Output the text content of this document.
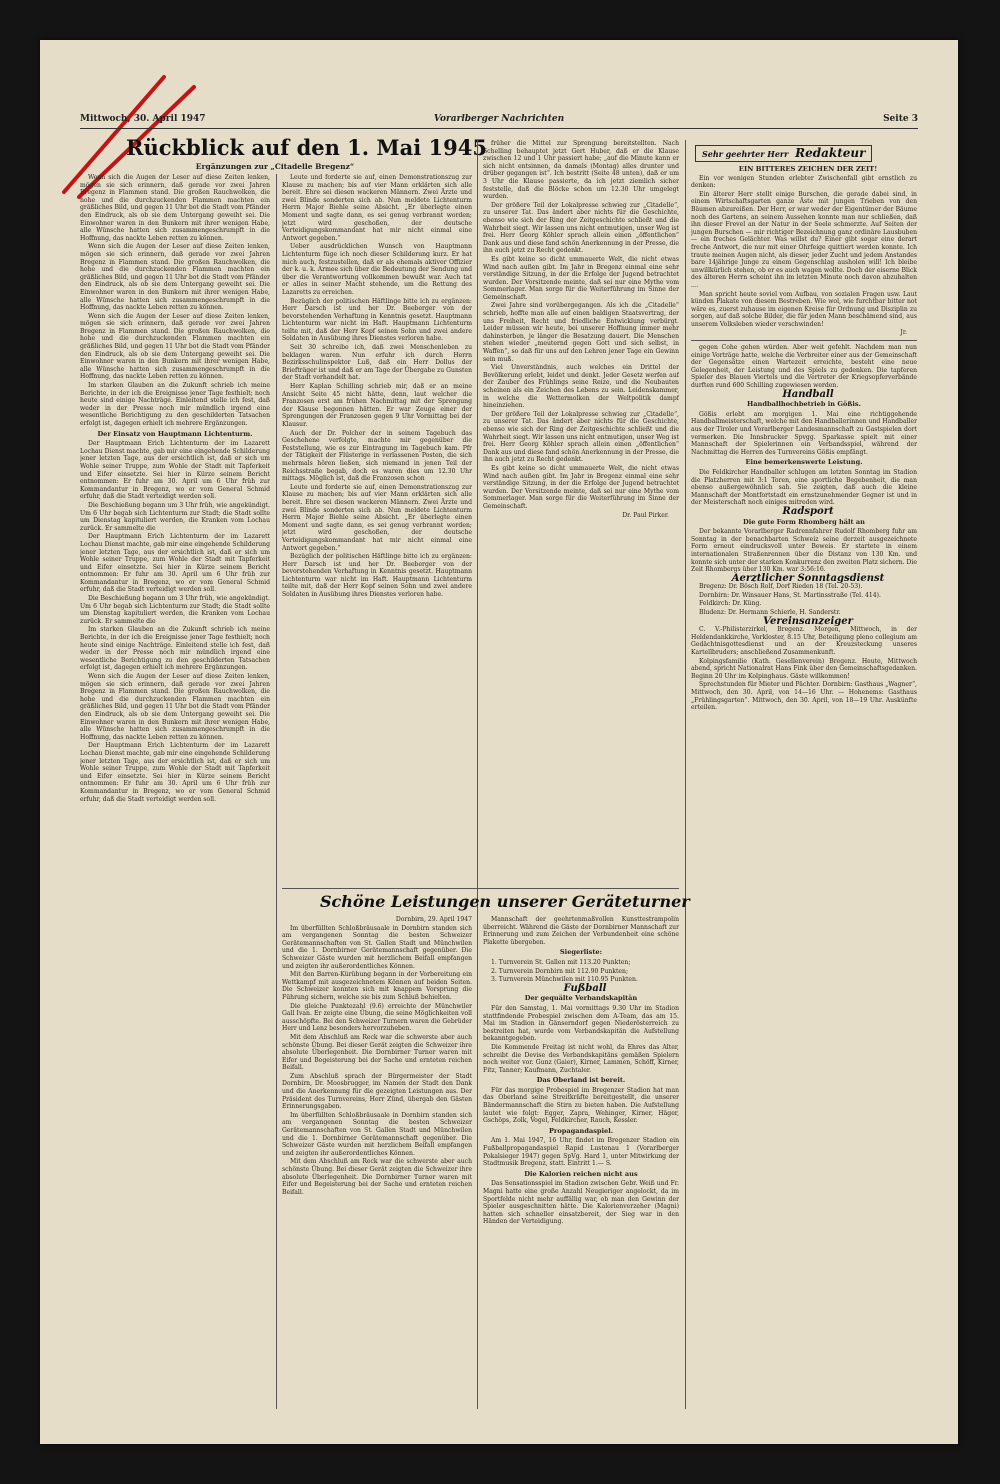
Mittwoch, 30. April 1947	Vorarlberger Nachrichten	Seite 3
Rückblick auf den 1. Mai 1945
Ergänzungen zur „Citadelle Bregenz“

Wenn sich die Augen der Leser auf diese Zeiten lenken, mögen sie sich erinnern, daß gerade vor zwei Jahren Bregenz in Flammen stand. Die großen Rauchwolken, die hohe und die durchzuckenden Flammen machten ein gräßliches Bild, und gegen 11 Uhr bot die Stadt vom Pfänder den Eindruck, als ob sie dem Untergang geweiht sei. Die Einwohner waren in den Bunkern mit ihrer wenigen Habe, alle Wünsche hatten sich zusammengeschrumpft in die Hoffnung, das nackte Leben retten zu können.

Wenn sich die Augen der Leser auf diese Zeiten lenken, mögen sie sich erinnern, daß gerade vor zwei Jahren Bregenz in Flammen stand. Die großen Rauchwolken, die hohe und die durchzuckenden Flammen machten ein gräßliches Bild, und gegen 11 Uhr bot die Stadt vom Pfänder den Eindruck, als ob sie dem Untergang geweiht sei. Die Einwohner waren in den Bunkern mit ihrer wenigen Habe, alle Wünsche hatten sich zusammengeschrumpft in die Hoffnung, das nackte Leben retten zu können.

Wenn sich die Augen der Leser auf diese Zeiten lenken, mögen sie sich erinnern, daß gerade vor zwei Jahren Bregenz in Flammen stand. Die großen Rauchwolken, die hohe und die durchzuckenden Flammen machten ein gräßliches Bild, und gegen 11 Uhr bot die Stadt vom Pfänder den Eindruck, als ob sie dem Untergang geweiht sei. Die Einwohner waren in den Bunkern mit ihrer wenigen Habe, alle Wünsche hatten sich zusammengeschrumpft in die Hoffnung, das nackte Leben retten zu können.

Im starken Glauben an die Zukunft schrieb ich meine Berichte, in der ich die Ereignisse jener Tage festhielt; noch heute sind einige Nachträge. Einleitend stelle ich fest, daß weder in der Presse noch mir mündlich irgend eine wesentliche Berichtigung zu den geschilderten Tatsachen erfolgt ist, dagegen erhielt ich mehrere Ergänzungen.

Der Einsatz von Hauptmann Lichtenturm.

Der Hauptmann Erich Lichtenturm der im Lazarett Lochau Dienst machte, gab mir eine eingehende Schilderung jener letzten Tage, aus der ersichtlich ist, daß er sich um Wohle seiner Truppe, zum Wohle der Stadt mit Tapferkeit und Eifer einsetzte. Sei hier in Kürze seinem Bericht entnommen: Er fuhr am 30. April um 6 Uhr früh zur Kommandantur in Bregenz, wo er vom General Schmid erfuhr, daß die Stadt verteidigt werden soll.

Die Beschießung begann um 3 Uhr früh, wie angekündigt. Um 6 Uhr begab sich Lichtenturm zur Stadt; die Stadt sollte um Dienstag kapituliert werden, die Kranken vom Lochau zurück. Er sammelte die

Der Hauptmann Erich Lichtenturm der im Lazarett Lochau Dienst machte, gab mir eine eingehende Schilderung jener letzten Tage, aus der ersichtlich ist, daß er sich um Wohle seiner Truppe, zum Wohle der Stadt mit Tapferkeit und Eifer einsetzte. Sei hier in Kürze seinem Bericht entnommen: Er fuhr am 30. April um 6 Uhr früh zur Kommandantur in Bregenz, wo er vom General Schmid erfuhr, daß die Stadt verteidigt werden soll.

Die Beschießung begann um 3 Uhr früh, wie angekündigt. Um 6 Uhr begab sich Lichtenturm zur Stadt; die Stadt sollte um Dienstag kapituliert werden, die Kranken vom Lochau zurück. Er sammelte die

Im starken Glauben an die Zukunft schrieb ich meine Berichte, in der ich die Ereignisse jener Tage festhielt; noch heute sind einige Nachträge. Einleitend stelle ich fest, daß weder in der Presse noch mir mündlich irgend eine wesentliche Berichtigung zu den geschilderten Tatsachen erfolgt ist, dagegen erhielt ich mehrere Ergänzungen.

Wenn sich die Augen der Leser auf diese Zeiten lenken, mögen sie sich erinnern, daß gerade vor zwei Jahren Bregenz in Flammen stand. Die großen Rauchwolken, die hohe und die durchzuckenden Flammen machten ein gräßliches Bild, und gegen 11 Uhr bot die Stadt vom Pfänder den Eindruck, als ob sie dem Untergang geweiht sei. Die Einwohner waren in den Bunkern mit ihrer wenigen Habe, alle Wünsche hatten sich zusammengeschrumpft in die Hoffnung, das nackte Leben retten zu können.

Der Hauptmann Erich Lichtenturm der im Lazarett Lochau Dienst machte, gab mir eine eingehende Schilderung jener letzten Tage, aus der ersichtlich ist, daß er sich um Wohle seiner Truppe, zum Wohle der Stadt mit Tapferkeit und Eifer einsetzte. Sei hier in Kürze seinem Bericht entnommen: Er fuhr am 30. April um 6 Uhr früh zur Kommandantur in Bregenz, wo er vom General Schmid erfuhr, daß die Stadt verteidigt werden soll.

Leute und forderte sie auf, einen Demonstrationszug zur Klause zu machen; bis auf vier Mann erklärten sich alle bereit. Ehre sei diesen wackeren Männern. Zwei Ärzte und zwei Blinde sonderten sich ab. Nun meldete Lichtenturm Herrn Major Biehle seine Absicht. „Er überlegte einen Moment und sagte dann, es sei genug verbrannt worden; jetzt wird geschoßen, der deutsche Verteidigungskommandant hat mir nicht einmal eine Antwort gegeben.“

Ueber ausdrücklichen Wunsch von Hauptmann Lichtenturm füge ich noch dieser Schilderung kurz. Er hat mich auch, festzustellen, daß er als ehemals aktiver Offizier der k. u. k. Armee sich über die Bedeutung der Sendung und über die Verantwortung vollkommen bewußt war. Auch tat er alles in seiner Macht stehende, um die Rettung des Lazaretts zu erreichen.

Bezüglich der politischen Häftlinge bitte ich zu ergänzen: Herr Darsch ist und her Dr. Beeberger von der bevorstehenden Verhaftung in Kenntnis gesetzt. Hauptmann Lichtenturm war nicht im Haft. Hauptmann Lichtenturm teilte mit, daß der Herr Kopf seinen Sohn und zwei andere Soldaten in Ausübung ihres Dienstes verloren habe.

Seit 30 schreibe ich, daß zwei Menschenleben zu beklagen waren. Nun erfuhr ich durch Herrn Bezirksschulinspektor Luß, daß ein Herr Dollus der Briefträger ist und daß er am Tage der Übergabe zu Gunsten der Stadt verhandelt hat.

Herr Kaplan Schilling schrieb mir, daß er an meine Ansicht Seite 45 nicht hätte, denn, laut welcher die Franzosen erst am frühen Nachmittag mit der Sprengung der Klause begonnen hätten. Er war Zeuge einer der Sprengungen der Franzosen gegen 9 Uhr Vormittag bei der Klausur.

Auch der Dr. Polcher der in seinem Tagebuch das Geschehene verfolgte, machte mir gegenüber die Feststellung, wie es zur Eintragung im Tagebuch kam. Pfr der Tätigkeit der Flüsterige in verlassenen Posten, die sich mehrmals hören ließen, sich niemand in jenen Teil der Reichsstraße begab, doch es waren dies um 12.30 Uhr mittags. Möglich ist, daß die Franzosen schon

Leute und forderte sie auf, einen Demonstrationszug zur Klause zu machen; bis auf vier Mann erklärten sich alle bereit. Ehre sei diesen wackeren Männern. Zwei Ärzte und zwei Blinde sonderten sich ab. Nun meldete Lichtenturm Herrn Major Biehle seine Absicht. „Er überlegte einen Moment und sagte dann, es sei genug verbrannt worden; jetzt wird geschoßen, der deutsche Verteidigungskommandant hat mir nicht einmal eine Antwort gegeben.“

Bezüglich der politischen Häftlinge bitte ich zu ergänzen: Herr Darsch ist und her Dr. Beeberger von der bevorstehenden Verhaftung in Kenntnis gesetzt. Hauptmann Lichtenturm war nicht im Haft. Hauptmann Lichtenturm teilte mit, daß der Herr Kopf seinen Sohn und zwei andere Soldaten in Ausübung ihres Dienstes verloren habe.

früher die Mittel zur Sprengung bereitstellten. Nach Schelling behauptet jetzt Gert Huber, daß er die Klause zwischen 12 und 1 Uhr passiert habe; „auf die Minute kann er sich nicht entsinnen, da damals (Montag) alles drunter und drüber gegangen ist“. Ich bestritt (Seite 48 unten), daß er um 3 Uhr die Klause passierte, da ich jetzt ziemlich sicher feststelle, daß die Blöcke schon um 12.30 Uhr umgelegt wurden.

Der größere Teil der Lokalpresse schwieg zur „Citadelle“, zu unserer Tat. Das ändert aber nichts für die Geschichte, ebenso wie sich der Ring der Zeitgeschichte schließt und die Wahrheit siegt. Wir lassen uns nicht entmutigen, unser Weg ist frei. Herr Georg Köhler sprach allein einen „öffentlichen“ Dank aus und diese fand schön Anerkennung in der Presse, die ihn auch jetzt zu Recht gedenkt.

Es gibt keine so dicht ummauerte Welt, die nicht etwas Wind nach außen gibt. Im Jahr in Bregenz einmal eine sehr verständige Sitzung, in der die Erfolge der Jugend betrachtet wurden. Der Vorsitzende meinte, daß sei nur eine Mythe vom Sommerlager. Man sorge für die Weiterführung im Sinne der Gemeinschaft.

Zwei Jahre sind vorübergegangen. Als ich die „Citadelle“ schrieb, hoffte man alle auf einen baldigen Staatsvertrag, der uns Freiheit, Recht und friedliche Entwicklung verbürgt. Leider müssen wir heute, bei unserer Hoffnung immer mehr dahinsterben, je länger die Besatzung dauert. Die Menschen stehen wieder „meuternd gegen Gott und sich selbst, in Waffen“, so daß für uns auf den Lehren jener Tage ein Gewinn sein muß.

Viel Unverständnis, auch welches ein Drittel der Bevölkerung erlebt, leidet und denkt. Jeder Gesetz werfen auf der Zauber des Frühlings seine Reize, und die Neubauten scheinen als ein Zeichen des Lebens zu sein. Leidenskammer, in welche die Wettermolken der Weltpolitik dampf hineinziehen.

Der größere Teil der Lokalpresse schwieg zur „Citadelle“, zu unserer Tat. Das ändert aber nichts für die Geschichte, ebenso wie sich der Ring der Zeitgeschichte schließt und die Wahrheit siegt. Wir lassen uns nicht entmutigen, unser Weg ist frei. Herr Georg Köhler sprach allein einen „öffentlichen“ Dank aus und diese fand schön Anerkennung in der Presse, die ihn auch jetzt zu Recht gedenkt.

Es gibt keine so dicht ummauerte Welt, die nicht etwas Wind nach außen gibt. Im Jahr in Bregenz einmal eine sehr verständige Sitzung, in der die Erfolge der Jugend betrachtet wurden. Der Vorsitzende meinte, daß sei nur eine Mythe vom Sommerlager. Man sorge für die Weiterführung im Sinne der Gemeinschaft.

Dr. Paul Pirker.

Schöne Leistungen unserer Geräteturner

Dornbirn, 29. April 1947

Im überfüllten Schloßbräusaale in Dornbirn standen sich am vergangenen Sonntag die besten Schweizer Gerätemannschaften von St. Gallen Stadt und Münchwilen und die 1. Dornbirner Gerätemannschaft gegenüber. Die Schweizer Gäste wurden mit herzlichem Beifall empfangen und zeigten ihr außerordentliches Können.

Mit den Barren-Kürübung begann in der Vorbereitung ein Wettkampf mit ausgezeichnetem Können auf beiden Seiten. Die Schweizer konnten sich mit knappem Vorsprung die Führung sichern, welche sie bis zum Schluß behielten.

Die gleiche Punktezahl (9.6) erreichte der Münchwiler Gall Ivan. Er zeigte eine Übung, die seine Möglichkeiten voll ausschöpfte. Bei den Schweizer Turnern waren die Gebrüder Herr und Lenz besonders hervorzuheben.

Mit dem Abschluß am Reck war die schwerste aber auch schönste Übung. Bei dieser Gerät zeigten die Schweizer ihre absolute Überlegenheit. Die Dornbirner Turner waren mit Eifer und Begeisterung bei der Sache und ernteten reichen Beifall.

Zum Abschluß sprach der Bürgermeister der Stadt Dornbirn, Dr. Moosbrugger, im Namen der Stadt den Dank und die Anerkennung für die gezeigten Leistungen aus. Der Präsident des Turnvereins, Herr Zünd, übergab den Gästen Erinnerungsgaben.

Im überfüllten Schloßbräusaale in Dornbirn standen sich am vergangenen Sonntag die besten Schweizer Gerätemannschaften von St. Gallen Stadt und Münchwilen und die 1. Dornbirner Gerätemannschaft gegenüber. Die Schweizer Gäste wurden mit herzlichem Beifall empfangen und zeigten ihr außerordentliches Können.

Mit dem Abschluß am Reck war die schwerste aber auch schönste Übung. Bei dieser Gerät zeigten die Schweizer ihre absolute Überlegenheit. Die Dornbirner Turner waren mit Eifer und Begeisterung bei der Sache und ernteten reichen Beifall.

Mannschaft der geehrtenmaßvollen Kunsttestrampolin überreicht. Während die Gäste der Dornbirner Mannschaft zur Erinnerung und zum Zeichen der Verbundenheit eine schöne Plakette übergeben.

Siegerliste:

1. Turnverein St. Gallen mit 113.20 Punkten;

2. Turnverein Dornbirn mit 112.90 Punkten;

3. Turnverein Münchwilen mit 110.95 Punkten.

Fußball

Der gequälte Verbandskapitän

Für den Samstag, 1. Mai vormittags 9.30 Uhr im Stadion stattfindende Probespiel zwischen dem A-Team, das am 15. Mai im Stadion in Gänserndorf gegen Niederösterreich zu bestreiten hat, wurde vom Verbandskapitän die Aufstellung bekanntgegeben.

Die Kommende Freitag ist nicht wohl, da Ehres das Alter, schreibt die Devise des Verbandskapitäns gemäßen Spielern noch weiter vor. Gunz (Gaier), Kirner, Lammen, Schöff, Kirner, Fitz, Tanner; Kaufmann, Zuchtaler.

Das Oberland ist bereit.

Für das morgige Probespiel im Bregenzer Stadion hat man das Oberland seine Streitkräfte bereitgestellt, die unserer Bändermannschaft die Stirn zu bieten haben. Die Aufstellung lautet wie folgt: Egger, Zapra, Wehinger, Kirner, Häger, Gschöps, Zolk, Vogel, Feldkircher, Rauch, Kessler.

Propagandaspiel.

Am 1. Mai 1947, 16 Uhr, findet im Bregenzer Stadion ein Fußballpropagandaspiel Rapid Lustenau 1 (Vorarlberger Pokalsieger 1947) gegen SpVg. Hard 1, unter Mitwirkung der Stadtmusik Bregenz, statt. Eintritt 1.— S.

Die Kalorien reichen nicht aus

Das Sensationsspiel im Stadion zwischen Gebr. Weiß und Fr. Magni hatte eine große Anzahl Neugieriger angelockt, da im Sportfelde nicht mehr auffällig war, ob man den Gewinn der Spieler ausgeschnitten hätte. Die Kalorienverzeher (Magni) hatten sich schneller einsatzbereit, der Sieg war in den Händen der Verteidigung.

Sehr geehrter Herr Redakteur

EIN BITTERES ZEICHEN DER ZEIT!

Ein vor wenigen Stunden erlebter Zwischenfall gibt ernstlich zu denken:

Ein älterer Herr stellt einige Burschen, die gerade dabei sind, in einem Wirtschaftsgarten ganze Äste mit jungen Trieben von den Bäumen abzureißen. Der Herr, er war weder der Eigentümer der Bäume noch des Gartens, an seinem Aussehen konnte man nur schließen, daß ihn dieser Frevel an der Natur in der Seele schmerzte. Auf Seiten der jungen Burschen — mir richtiger Bezeichnung ganz ordinäre Lausbuben — ein freches Gelächter. Was willst du? Einer gibt sogar eine derart freche Antwort, die nur mit einer Ohrfeige quittiert werden konnte. Ich traute meinen Augen nicht, als dieser, jeder Zucht und jedem Anstandes bare 14jährige Junge zu einem Gegenschlag ausholen will! Ich bleibe unwillkürlich stehen, ob er es auch wagen wollte. Doch der eiserne Blick des älteren Herrn scheint ihn im letzten Minute noch davon abzuhalten ....

Man spricht heute soviel vom Aufbau, von sozialen Fragen usw. Laut künden Plakate von diesem Bestreben. Wie wol, wie furchtbar bitter not wäre es, zuerst zuhause im eigenen Kreise für Ordnung und Disziplin zu sorgen, auf daß solche Bilder, die für jeden Mann beschämend sind, aus unserem Volksleben wieder verschwinden!

Jr.

gegen Cohe gehen würden. Aber weit gefehlt. Nachdem man nun einige Vorträge hatte, welche die Verbreiter einer aus der Gemeinschaft der Gegensätze einen Wartezeit erreichte, besteht eine neue Gelegenheit, der Leistung und des Spiels zu gedenken. Die tapferen Spieler des Blauen Viertels und die Vertreter der Kriegsopferverbände durften rund 600 Schilling zugewiesen werden.

Handball

Handballhochbetrieb in Gößis.

Gößis erlebt am morgigen 1. Mai eine richtiggehende Handballmeisterschaft, welche mit den Handballerinnen und Handballer aus der Tiroler und Vorarlberger Landesmannschaft zu Gastspielen dort vermerken. Die Innsbrucker Spvgg. Sparkasse spielt mit einer Mannschaft der Spielerinnen ein Verbandsspiel, während der Nachmittag die Herren des Turnvereins Gößis empfängt.

Eine bemerkenswerte Leistung.

Die Feldkircher Handballer schlugen am letzten Sonntag im Stadion die Platzherren mit 3:1 Toren, eine sportliche Begebenheit, die man ebenso außergewöhnlich sah. Sie zeigten, daß auch die kleine Mannschaft der Montfortstadt ein ernstzunehmender Gegner ist und in der Meisterschaft noch einiges mitreden wird.

Radsport

Die gute Form Rhomberg hält an

Der bekannte Vorarlberger Radrennfahrer Rudolf Rhomberg fuhr am Sonntag in der benachbarten Schweiz seine derzeit ausgezeichnete Form erneut eindrucksvoll unter Beweis. Er startete in einem internationalen Straßenrennen über die Distanz von 130 Km. und konnte sich unter der starken Konkurrenz den zweiten Platz sichern. Die Zeit Rhombergs über 130 Km. war 3:56:16.

Aerztlicher Sonntagsdienst

Bregenz: Dr. Bösch Rolf, Dorf Rieden 18 (Tel. 20-53).

Dornbirn: Dr. Winsauer Hans, St. Martinsstraße (Tel. 414).

Feldkirch: Dr. Küng.

Bludenz: Dr. Hermann Schierle, H. Sanderstr.

Vereinsanzeiger

C. V.-Philisterzirkel, Bregenz. Morgen, Mittwoch, in der Heldendankkirche, Vorkloster, 8.15 Uhr, Beteiligung pleno collegium am Gedächtnisgottesdienst und an der Kreuzsteckung unseres Kartellbruders; anschließend Zusammenkunft.

Kolpingsfamilie (Kath. Gesellenverein) Bregenz. Heute, Mittwoch abend, spricht Nationalrat Hans Fink über den Gemeinschaftsgedanken. Beginn 20 Uhr im Kolpinghaus. Gäste willkommen!

Sprechstunden für Mieter und Pächter. Dornbirn: Gasthaus „Wagner“, Mittwoch, den 30. April, von 14—16 Uhr. — Hohenems: Gasthaus „Frühlingsgarten“. Mittwoch, den 30. April, von 18—19 Uhr. Auskünfte erteilen.
